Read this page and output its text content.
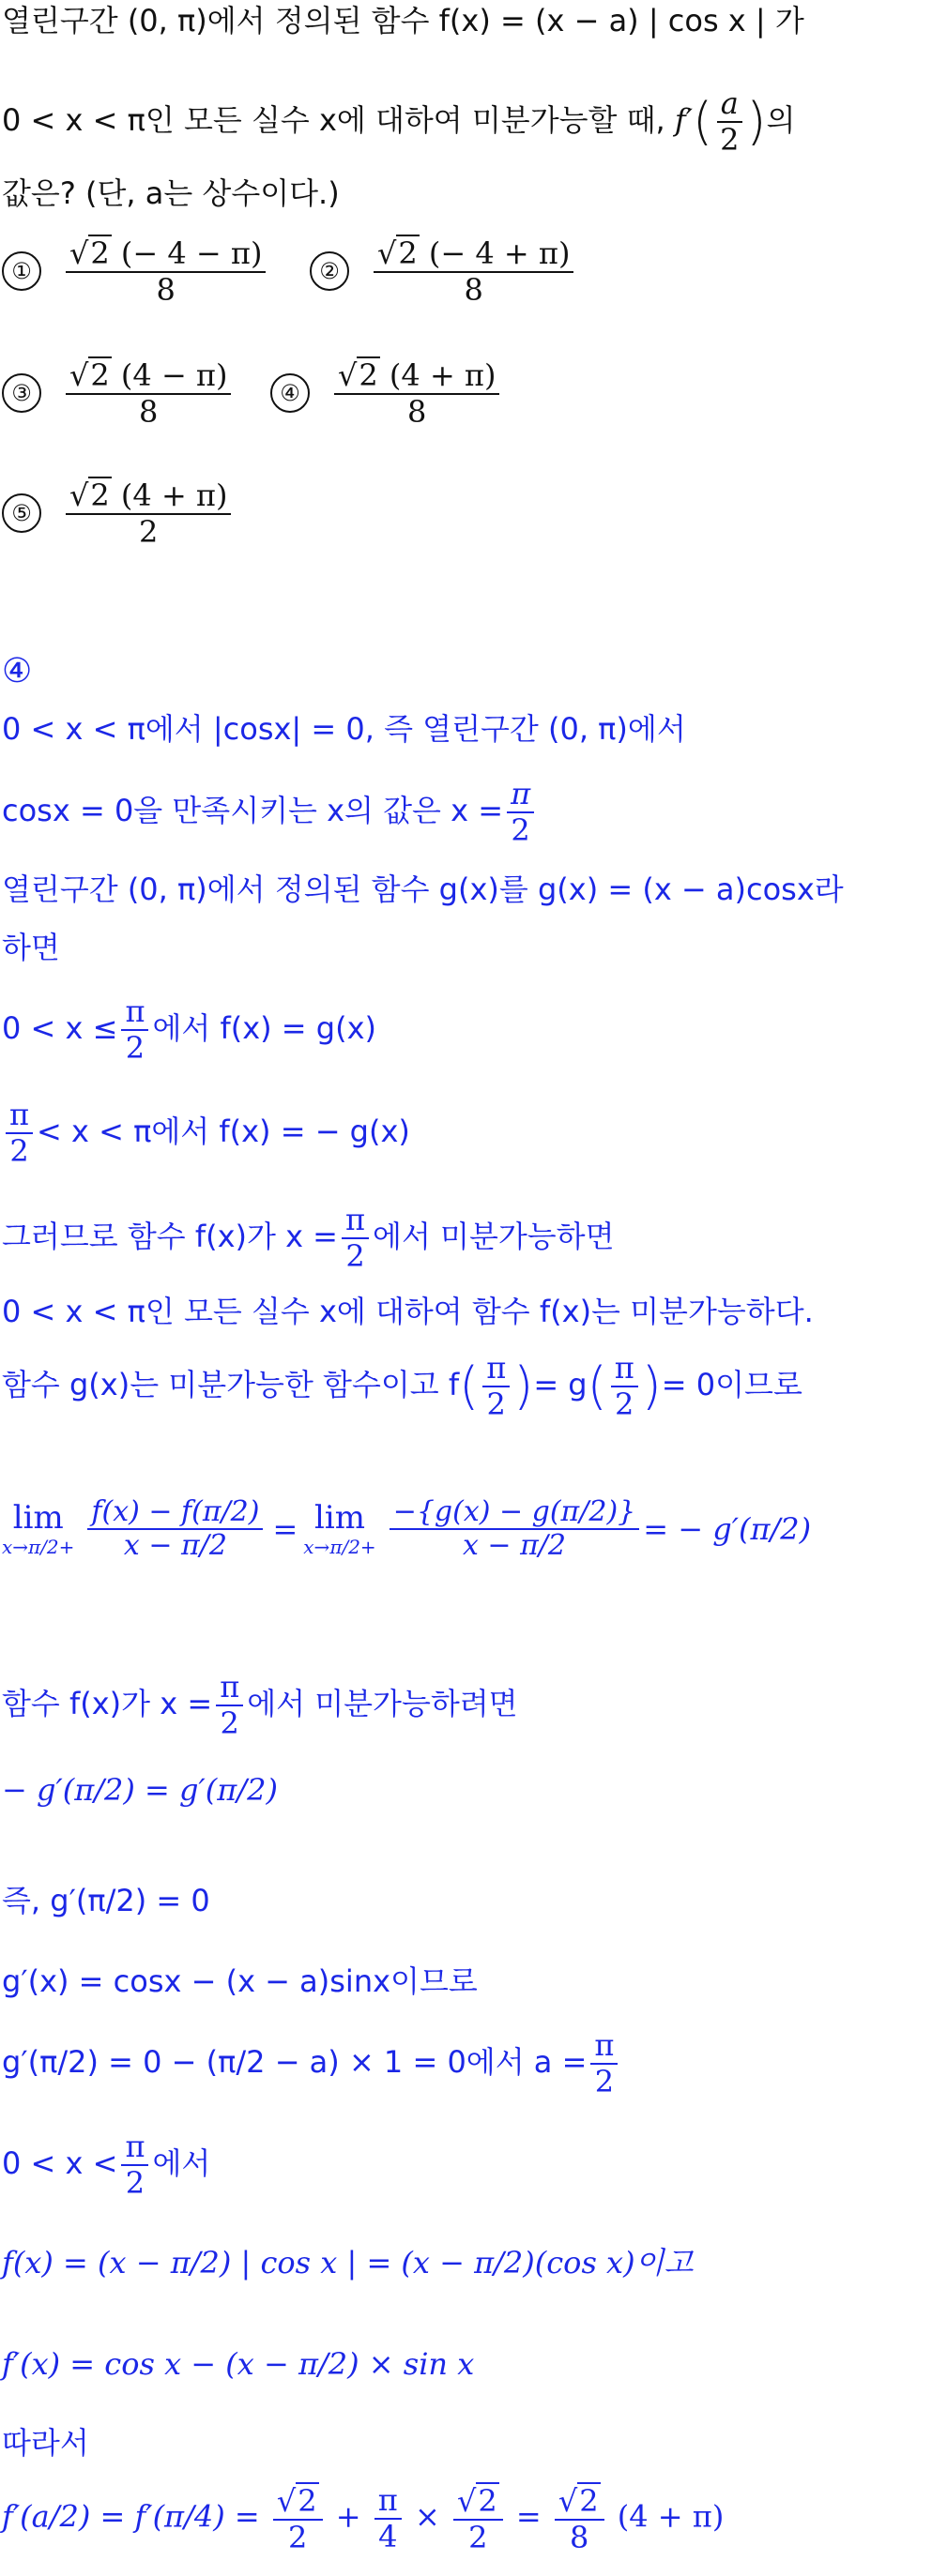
열린구간 (0, π)에서 정의된 함수 f(x) = (x − a) | cos x | 가
0 < x < π인 모든 실수 x에 대하여 미분가능할 때, $f'( \frac{a}{2}$ )의
값은? (단, a는 상수이다.)
①	$\frac{√2 (- 4 - \pi)}{8}$	②	$\frac{√2 (- 4 + \pi)}{8}$
③	$\frac{√2 (4 - \pi)}{8}$	④	$\frac{√2 (4 + \pi)}{8}$
⑤	$\frac{√2 (4 + \pi)}{2}$
④
0 < x < π에서 |cosx| = 0, 즉 열린구간 (0, π)에서
cosx = 0을 만족시키는 x의 값은 $x = \frac{\pi}{2}$
열린구간 (0, π)에서 정의된 함수 g(x)를 g(x) = (x − a)cosx라
하면
$0 < x \le \frac{\pi}{2}$ 에서 f(x) = g(x)
$\frac{\pi}{2} < x < \pi$에서 f(x) = − g(x)
그러므로 함수 f(x)가 $x = \frac{\pi}{2}$ 에서 미분가능하면
0 < x < π인 모든 실수 x에 대하여 함수 f(x)는 미분가능하다.
함수 g(x)는 미분가능한 함수이고 $f( \frac{\pi}{2}$ )= $g( \frac{\pi}{2}$ )= 0이므로
lim
$x\to\pi/2+ \frac{f(x) - f(\pi/2)}{x - \pi/2} = \lim$
$x\to\pi/2+ \frac{-\{g(x) - g(\pi/2)\}}{x - \pi/2}$ = − g′(π/2)
함수 f(x)가 $x = \frac{\pi}{2}$ 에서 미분가능하려면
− g′(π/2) = g′(π/2)
즉, g′(π/2) = 0
g′(x) = cosx − (x − a)sinx이므로
g′(π/2) = 0 − (π/2 − a) × 1 = 0에서 $a = \frac{\pi}{2}$
$0 < x < \frac{\pi}{2}$ 에서
f(x) = (x − π/2) | cos x | = (x − π/2)(cos x)이고
f′(x) = cos x − (x − π/2) × sin x
따라서
$f'(a/2) = f'(\pi/4) = \frac{√2}{2} + \frac{\pi}{4} \times \frac{√2}{2} = \frac{√2}{8} (4 + \pi)$
